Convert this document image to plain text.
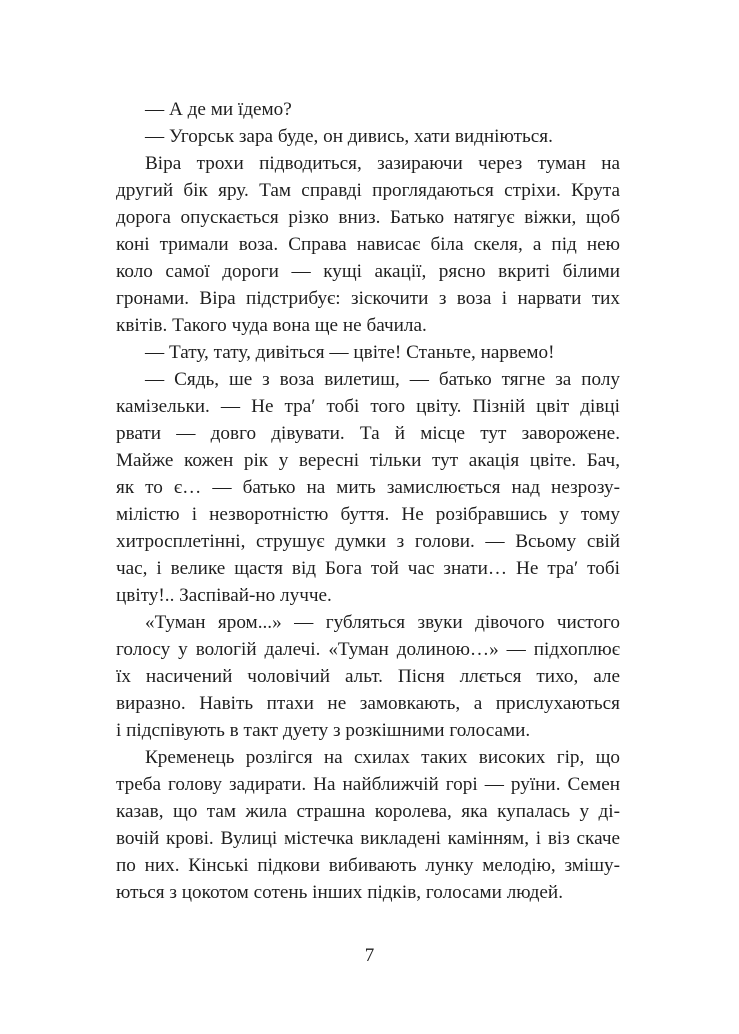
— А де ми їдемо?
— Угорськ зара буде, он дивись, хати видніються.
Віра трохи підводиться, зазираючи через туман на
другий бік яру. Там справді проглядаються стріхи. Крута
дорога опускається різко вниз. Батько натягує віжки, щоб
коні тримали воза. Справа нависає біла скеля, а під нею
коло самої дороги — кущі акації, рясно вкриті білими
гронами. Віра підстрибує: зіскочити з воза і нарвати тих
квітів. Такого чуда вона ще не бачила.
— Тату, тату, дивіться — цвіте! Станьте, нарвемо!
— Сядь, ше з воза вилетиш, — батько тягне за полу
камізельки. — Не тра′ тобі того цвіту. Пізній цвіт дівці
рвати — довго дівувати. Та й місце тут заворожене.
Майже кожен рік у вересні тільки тут акація цвіте. Бач,
як то є… — батько на мить замислюється над незрозу-
мілістю і незворотністю буття. Не розібравшись у тому
хитросплетінні, струшує думки з голови. — Всьому свій
час, і велике щастя від Бога той час знати… Не тра′ тобі
цвіту!.. Заспівай-но лучче.
«Туман яром...» — губляться звуки дівочого чистого
голосу у вологій далечі. «Туман долиною…» — підхоплює
їх насичений чоловічий альт. Пісня ллється тихо, але
виразно. Навіть птахи не замовкають, а прислухаються
і підспівують в такт дуету з розкішними голосами.
Кременець розлігся на схилах таких високих гір, що
треба голову задирати. На найближчій горі — руїни. Семен
казав, що там жила страшна королева, яка купалась у ді-
вочій крові. Вулиці містечка викладені камінням, і віз скаче
по них. Кінські підкови вибивають лунку мелодію, змішу-
ються з цокотом сотень інших підків, голосами людей.
7
